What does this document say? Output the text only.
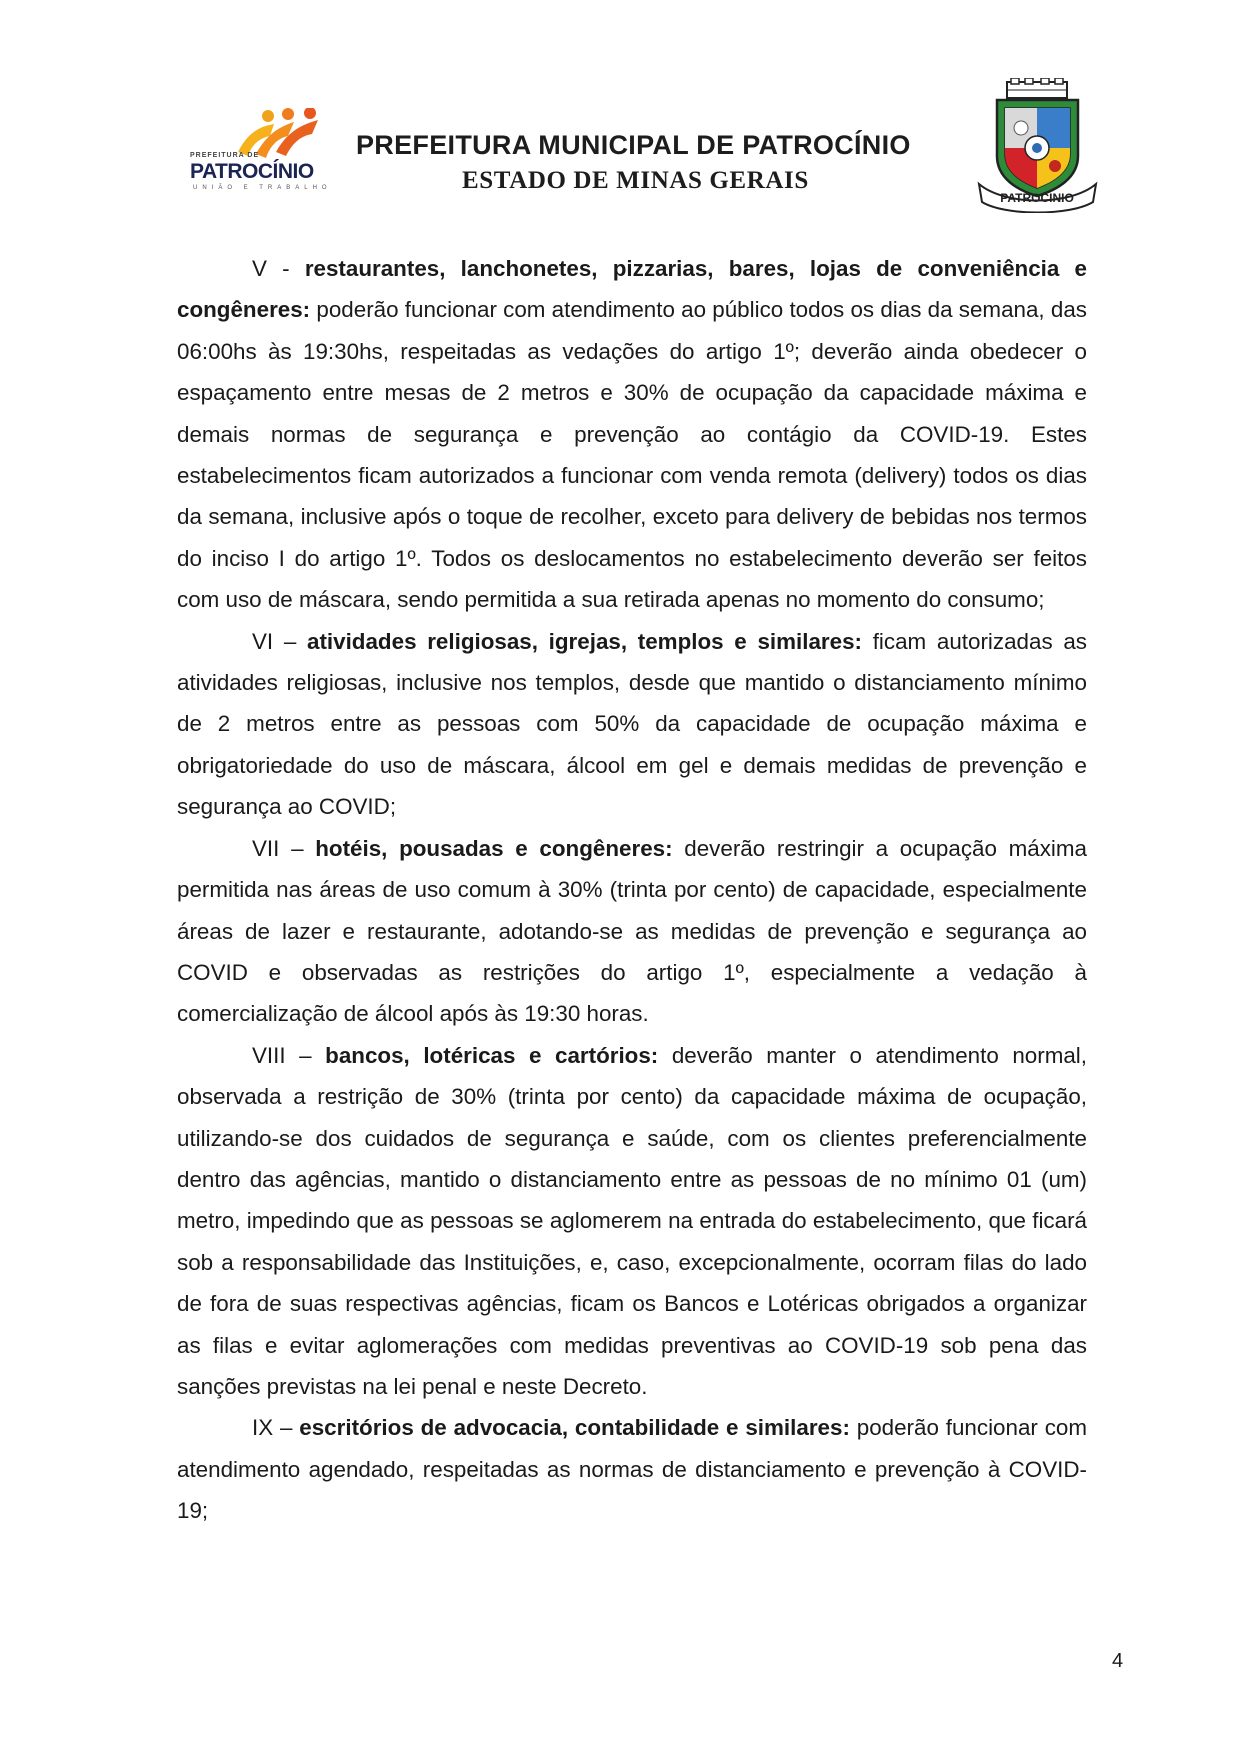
PREFEITURA DE
PATROCÍNIO
UNIÃO E TRABALHO
PREFEITURA MUNICIPAL DE PATROCÍNIO
ESTADO DE MINAS GERAIS
PATROCINIO

V - restaurantes, lanchonetes, pizzarias, bares, lojas de conveniência e congêneres: poderão funcionar com atendimento ao público todos os dias da semana, das 06:00hs às 19:30hs, respeitadas as vedações do artigo 1º; deverão ainda obedecer o espaçamento entre mesas de 2 metros e 30% de ocupação da capacidade máxima e demais normas de segurança e prevenção ao contágio da COVID-19. Estes estabelecimentos ficam autorizados a funcionar com venda remota (delivery) todos os dias da semana, inclusive após o toque de recolher, exceto para delivery de bebidas nos termos do inciso I do artigo 1º. Todos os deslocamentos no estabelecimento deverão ser feitos com uso de máscara, sendo permitida a sua retirada apenas no momento do consumo;

VI – atividades religiosas, igrejas, templos e similares: ficam autorizadas as atividades religiosas, inclusive nos templos, desde que mantido o distanciamento mínimo de 2 metros entre as pessoas com 50% da capacidade de ocupação máxima e obrigatoriedade do uso de máscara, álcool em gel e demais medidas de prevenção e segurança ao COVID;

VII – hotéis, pousadas e congêneres: deverão restringir a ocupação máxima permitida nas áreas de uso comum à 30% (trinta por cento) de capacidade, especialmente áreas de lazer e restaurante, adotando-se as medidas de prevenção e segurança ao COVID e observadas as restrições do artigo 1º, especialmente a vedação à comercialização de álcool após às 19:30 horas.

VIII – bancos, lotéricas e cartórios: deverão manter o atendimento normal, observada a restrição de 30% (trinta por cento) da capacidade máxima de ocupação, utilizando-se dos cuidados de segurança e saúde, com os clientes preferencialmente dentro das agências, mantido o distanciamento entre as pessoas de no mínimo 01 (um) metro, impedindo que as pessoas se aglomerem na entrada do estabelecimento, que ficará sob a responsabilidade das Instituições, e, caso, excepcionalmente, ocorram filas do lado de fora de suas respectivas agências, ficam os Bancos e Lotéricas obrigados a organizar as filas e evitar aglomerações com medidas preventivas ao COVID-19 sob pena das sanções previstas na lei penal e neste Decreto.

IX – escritórios de advocacia, contabilidade e similares: poderão funcionar com atendimento agendado, respeitadas as normas de distanciamento e prevenção à COVID-19;

4
